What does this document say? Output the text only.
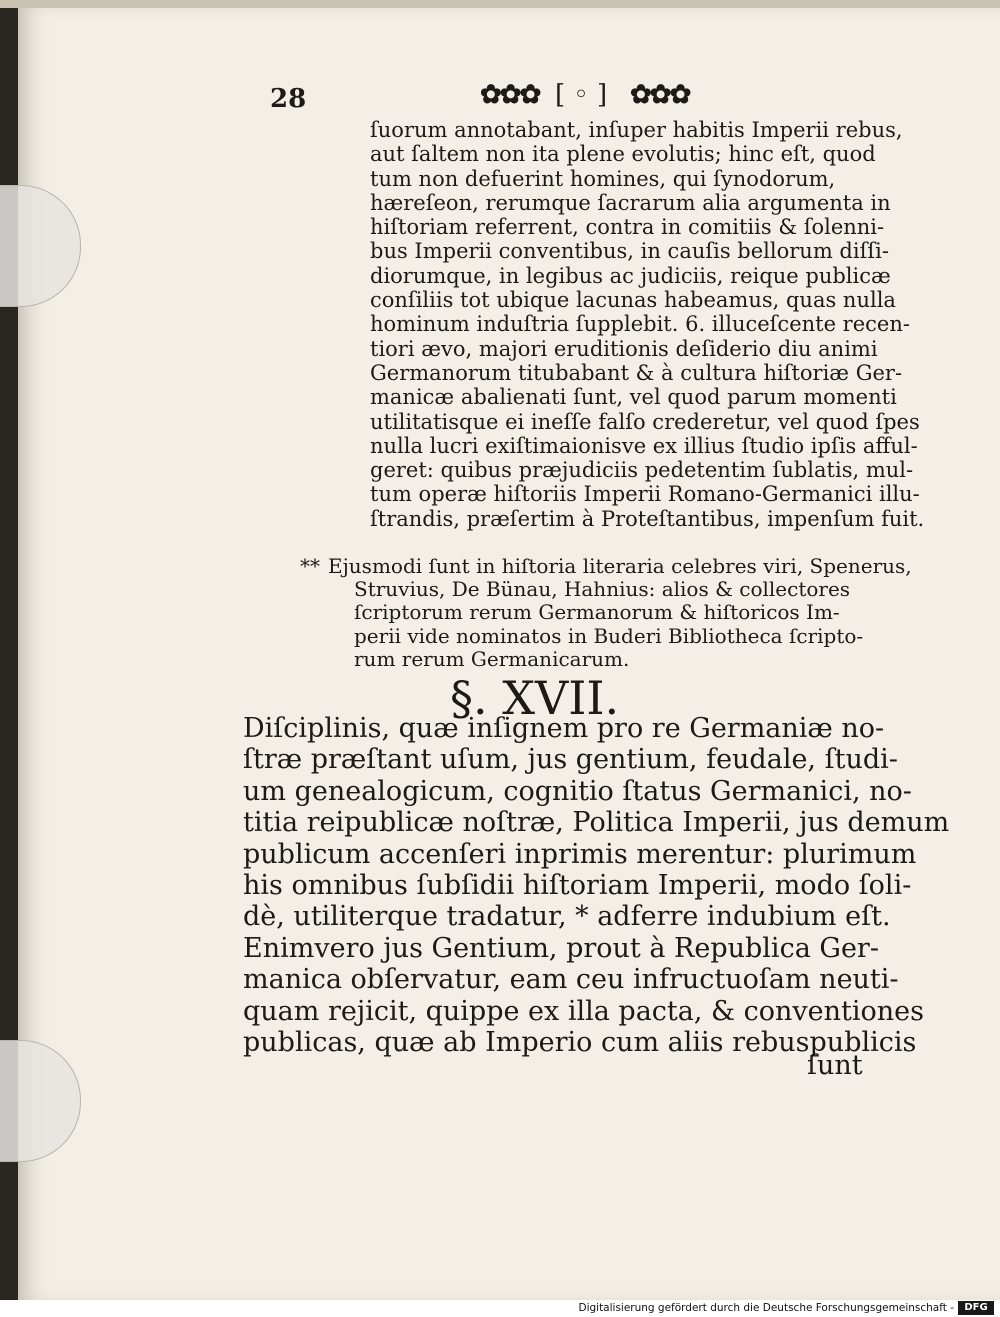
28	✿✿✿ [ ◦ ] ✿✿✿
ſuorum annotabant, inſuper habitis Imperii rebus,
aut ſaltem non ita plene evolutis; hinc eſt, quod
tum non defuerint homines, qui ſynodorum,
hæreſeon, rerumque ſacrarum alia argumenta in
hiſtoriam referrent, contra in comitiis & ſolenni-
bus Imperii conventibus, in cauſis bellorum diſſi-
diorumque, in legibus ac judiciis, reique publicæ
conſiliis tot ubique lacunas habeamus, quas nulla
hominum induſtria ſupplebit. 6. illuceſcente recen-
tiori ævo, majori eruditionis deſiderio diu animi
Germanorum titubabant & à cultura hiſtoriæ Ger-
manicæ abalienati ſunt, vel quod parum momenti
utilitatisque ei ineſſe falſo crederetur, vel quod ſpes
nulla lucri exiſtimaionisve ex illius ſtudio ipſis afful-
geret: quibus præjudiciis pedetentim ſublatis, mul-
tum operæ hiſtoriis Imperii Romano-Germanici illu-
ſtrandis, præſertim à Proteſtantibus, impenſum fuit.
** Ejusmodi ſunt in hiſtoria literaria celebres viri, Spenerus,
Struvius, De Bünau, Hahnius: alios & collectores
ſcriptorum rerum Germanorum & hiſtoricos Im-
perii vide nominatos in Buderi Bibliotheca ſcripto-
rum rerum Germanicarum.
§. XVII.
Diſciplinis, quæ inſignem pro re Germaniæ no-
ſtræ præſtant uſum, jus gentium, feudale, ſtudi-
um genealogicum, cognitio ſtatus Germanici, no-
titia reipublicæ noſtræ, Politica Imperii, jus demum
publicum accenſeri inprimis merentur: plurimum
his omnibus ſubſidii hiſtoriam Imperii, modo ſoli-
dè, utiliterque tradatur, * adferre indubium eſt.
Enimvero jus Gentium, prout à Republica Ger-
manica obſervatur, eam ceu infructuoſam neuti-
quam rejicit, quippe ex illa pacta, & conventiones
publicas, quæ ab Imperio cum aliis rebuspublicis
ſunt
Digitalisierung gefördert durch die Deutsche Forschungsgemeinschaft -	DFG
